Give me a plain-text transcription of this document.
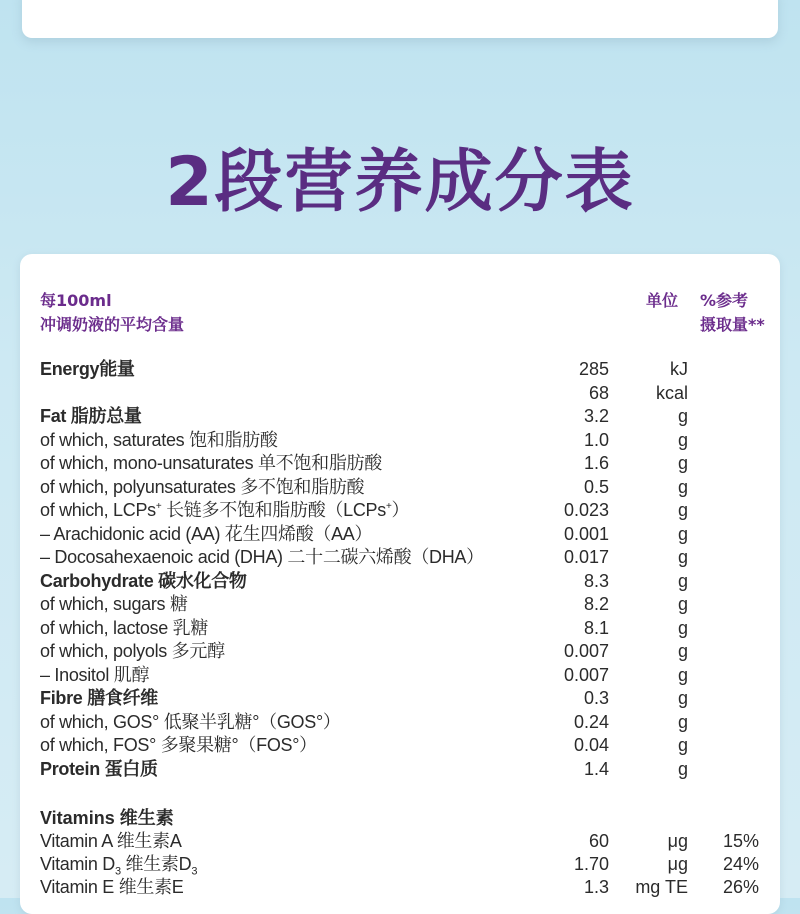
2段营养成分表
每100ml
冲调奶液的平均含量
单位 %参考
摄取量**
Energy能量	285	kJ
68	kcal
Fat 脂肪总量	3.2	g
of which, saturates 饱和脂肪酸	1.0	g
of which, mono-unsaturates 单不饱和脂肪酸	1.6	g
of which, polyunsaturates 多不饱和脂肪酸	0.5	g
of which, LCPs+ 长链多不饱和脂肪酸（LCPs+）	0.023	g
– Arachidonic acid (AA) 花生四烯酸（AA）	0.001	g
– Docosahexaenoic acid (DHA) 二十二碳六烯酸（DHA）	0.017	g
Carbohydrate 碳水化合物	8.3	g
of which, sugars 糖	8.2	g
of which, lactose 乳糖	8.1	g
of which, polyols 多元醇	0.007	g
– Inositol 肌醇	0.007	g
Fibre 膳食纤维	0.3	g
of which, GOS° 低聚半乳糖°（GOS°）	0.24	g
of which, FOS° 多聚果糖°（FOS°）	0.04	g
Protein 蛋白质	1.4	g
Vitamins 维生素
Vitamin A 维生素A	60	μg 15%
Vitamin $D_3$ 维生素$D_3$	1.70	μg 24%
Vitamin E 维生素E	1.3	mg TE 26%
